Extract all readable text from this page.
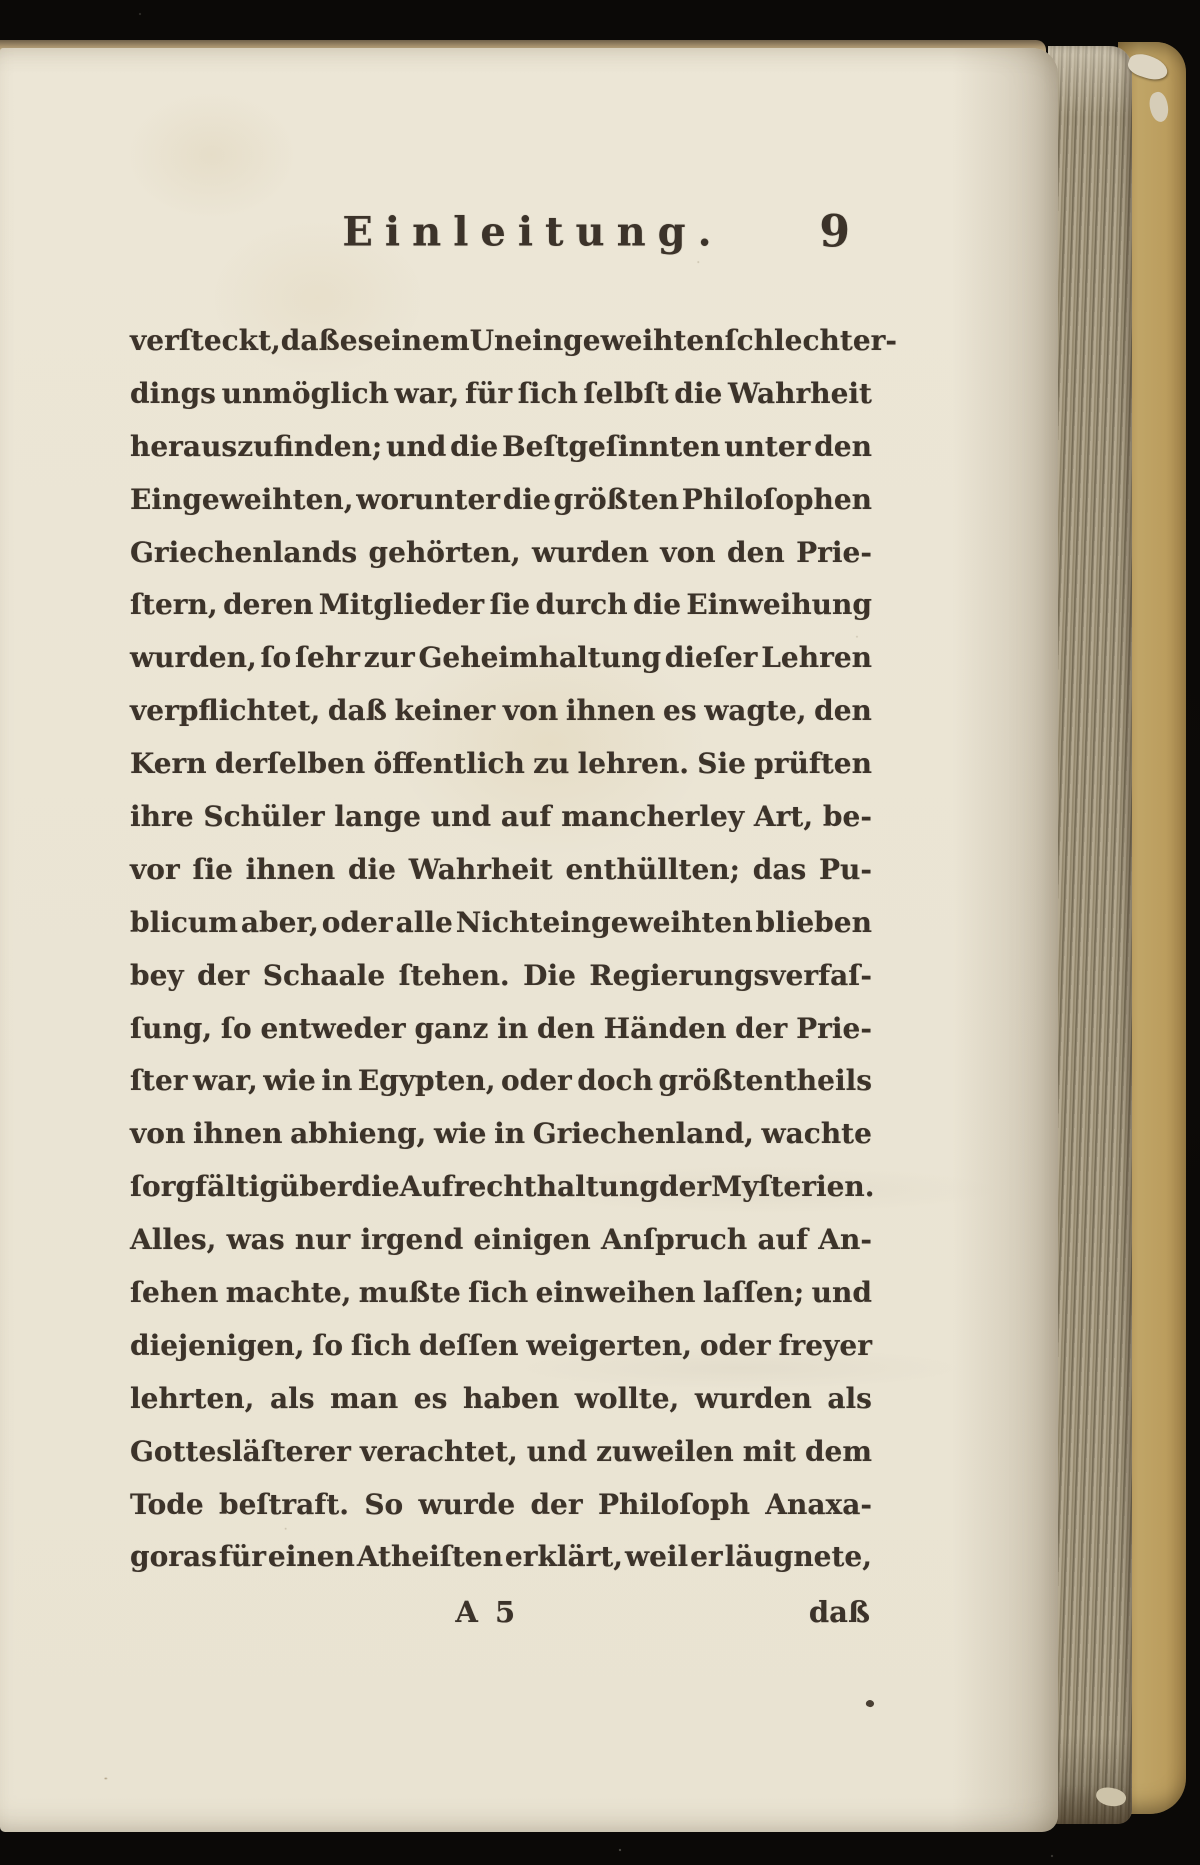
Einleitung. 9
verſteckt, daß es einem Uneingeweihten ſchlechter-
dings unmöglich war, für ſich ſelbſt die Wahrheit
herauszufinden; und die Beſtgeſinnten unter den
Eingeweihten, worunter die größten Philoſophen
Griechenlands gehörten, wurden von den Prie-
ſtern, deren Mitglieder ſie durch die Einweihung
wurden, ſo ſehr zur Geheimhaltung dieſer Lehren
verpflichtet, daß keiner von ihnen es wagte, den
Kern derſelben öffentlich zu lehren. Sie prüften
ihre Schüler lange und auf mancherley Art, be-
vor ſie ihnen die Wahrheit enthüllten; das Pu-
blicum aber, oder alle Nichteingeweihten blieben
bey der Schaale ſtehen. Die Regierungsverfaſ-
ſung, ſo entweder ganz in den Händen der Prie-
ſter war, wie in Egypten, oder doch größtentheils
von ihnen abhieng, wie in Griechenland, wachte
ſorgfältig über die Aufrechthaltung der Myſterien.
Alles, was nur irgend einigen Anſpruch auf An-
ſehen machte, mußte ſich einweihen laſſen; und
diejenigen, ſo ſich deſſen weigerten, oder freyer
lehrten, als man es haben wollte, wurden als
Gottesläſterer verachtet, und zuweilen mit dem
Tode beſtraft. So wurde der Philoſoph Anaxa-
goras für einen Atheiſten erklärt, weil er läugnete,
A 5	daß
